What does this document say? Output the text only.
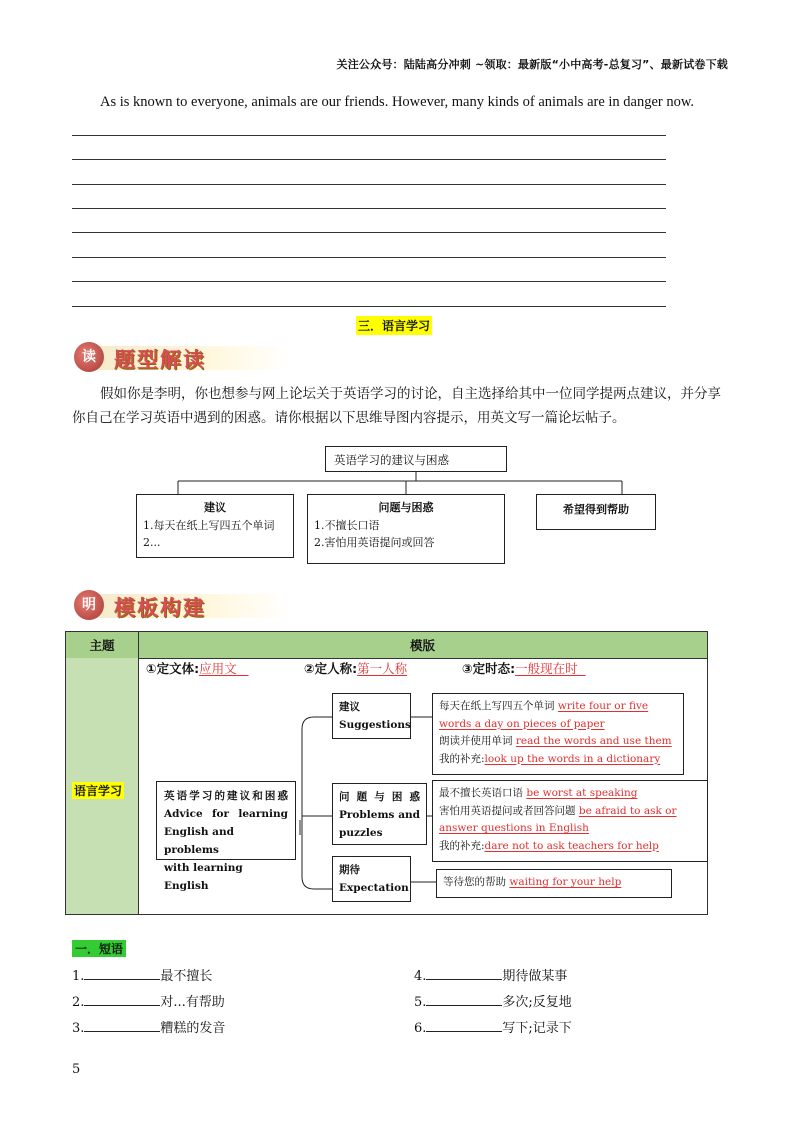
关注公众号：陆陆高分冲刺 ~领取：最新版“小中高考-总复习”、最新试卷下载
As is known to everyone, animals are our friends. However, many kinds of animals are in danger now.
三．语言学习
读 题型解读
假如你是李明，你也想参与网上论坛关于英语学习的讨论，自主选择给其中一位同学提两点建议，并分享你自己在学习英语中遇到的困惑。请你根据以下思维导图内容提示，用英文写一篇论坛帖子。
英语学习的建议与困惑
建议
1.每天在纸上写四五个单词
2...
问题与困惑
1.不擅长口语
2.害怕用英语提问或回答
希望得到帮助
明 模板构建
主题	模版
语言学习
①定文体:应用文	②定人称:第一人称	③定时态:一般现在时
英语学习的建议和困惑
Advice for learning
English and problems
with learning English
建议
Suggestions
问 题 与 困 惑
Problems and
puzzles
期待
Expectation
每天在纸上写四五个单词 write four or five
words a day on pieces of paper
朗读并使用单词 read the words and use them
我的补充:look up the words in a dictionary
最不擅长英语口语 be worst at speaking
害怕用英语提问或者回答问题 be afraid to ask or
answer questions in English
我的补充:dare not to ask teachers for help
等待您的帮助 waiting for your help
一．短语
1.	最不擅长
2.	对...有帮助
3.	糟糕的发音
4.	期待做某事
5.	多次;反复地
6.	写下;记录下
5
